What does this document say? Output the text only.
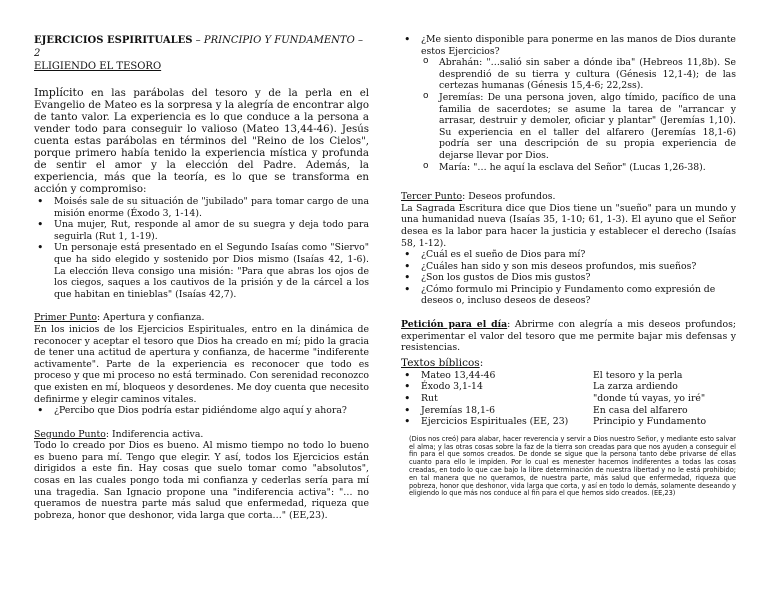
EJERCICIOS ESPIRITUALES – PRINCIPIO Y FUNDAMENTO – 2
ELIGIENDO EL TESORO

Implícito en las parábolas del tesoro y de la perla en el Evangelio de Mateo es la sorpresa y la alegría de encontrar algo de tanto valor. La experiencia es lo que conduce a la persona a vender todo para conseguir lo valioso (Mateo 13,44-46). Jesús cuenta estas parábolas en términos del "Reino de los Cielos", porque primero había tenido la experiencia mística y profunda de sentir el amor y la elección del Padre. Además, la experiencia, más que la teoría, es lo que se transforma en acción y compromiso:

• Moisés sale de su situación de "jubilado" para tomar cargo de una misión enorme (Éxodo 3, 1-14).
• Una mujer, Rut, responde al amor de su suegra y deja todo para seguirla (Rut 1, 1-19).
• Un personaje está presentado en el Segundo Isaías como "Siervo" que ha sido elegido y sostenido por Dios mismo (Isaías 42, 1-6). La elección lleva consigo una misión: "Para que abras los ojos de los ciegos, saques a los cautivos de la prisión y de la cárcel a los que habitan en tinieblas" (Isaías 42,7).

Primer Punto: Apertura y confianza.

En los inicios de los Ejercicios Espirituales, entro en la dinámica de reconocer y aceptar el tesoro que Dios ha creado en mí; pido la gracia de tener una actitud de apertura y confianza, de hacerme "indiferente activamente". Parte de la experiencia es reconocer que todo es proceso y que mi proceso no está terminado. Con serenidad reconozco que existen en mí, bloqueos y desordenes. Me doy cuenta que necesito definirme y elegir caminos vitales.

• ¿Percibo que Dios podría estar pidiéndome algo aquí y ahora?

Segundo Punto: Indiferencia activa.

Todo lo creado por Dios es bueno. Al mismo tiempo no todo lo bueno es bueno para mí. Tengo que elegir. Y así, todos los Ejercicios están dirigidos a este fin. Hay cosas que suelo tomar como "absolutos", cosas en las cuales pongo toda mi confianza y cederlas sería para mí una tragedia. San Ignacio propone una "indiferencia activa": "… no queramos de nuestra parte más salud que enfermedad, riqueza que pobreza, honor que deshonor, vida larga que corta…" (EE,23).

• ¿Me siento disponible para ponerme en las manos de Dios durante estos Ejercicios?
o Abrahán: "…salió sin saber a dónde iba" (Hebreos 11,8b). Se desprendió de su tierra y cultura (Génesis 12,1-4); de las certezas humanas (Génesis 15,4-6; 22,2ss).
o Jeremías: De una persona joven, algo tímido, pacífico de una familia de sacerdotes; se asume la tarea de "arrancar y arrasar, destruir y demoler, oficiar y plantar" (Jeremías 1,10). Su experiencia en el taller del alfarero (Jeremías 18,1-6) podría ser una descripción de su propia experiencia de dejarse llevar por Dios.
o María: "… he aquí la esclava del Señor" (Lucas 1,26-38).

Tercer Punto: Deseos profundos.

La Sagrada Escritura dice que Dios tiene un "sueño" para un mundo y una humanidad nueva (Isaías 35, 1-10; 61, 1-3). El ayuno que el Señor desea es la labor para hacer la justicia y establecer el derecho (Isaías 58, 1-12).

• ¿Cuál es el sueño de Dios para mí?
• ¿Cuáles han sido y son mis deseos profundos, mis sueños?
• ¿Son los gustos de Dios mis gustos?
• ¿Cómo formulo mi Principio y Fundamento como expresión de deseos o, incluso deseos de deseos?

Petición para el día: Abrirme con alegría a mis deseos profundos; experimentar el valor del tesoro que me permite bajar mis defensas y resistencias.

Textos bíblicos:

• Mateo 13,44-46	El tesoro y la perla
• Éxodo 3,1-14	La zarza ardiendo
• Rut	"donde tú vayas, yo iré"
• Jeremías 18,1-6	En casa del alfarero
• Ejercicios Espirituales (EE, 23)	Principio y Fundamento

(Dios nos creó) para alabar, hacer reverencia y servir a Dios nuestro Señor, y mediante esto salvar el alma; y las otras cosas sobre la faz de la tierra son creadas para que nos ayuden a conseguir el fin para el que somos creados. De donde se sigue que la persona tanto debe privarse de ellas cuanto para ello le impiden. Por lo cual es menester hacernos indiferentes a todas las cosas creadas, en todo lo que cae bajo la libre determinación de nuestra libertad y no le está prohibido; en tal manera que no queramos, de nuestra parte, más salud que enfermedad, riqueza que pobreza, honor que deshonor, vida larga que corta, y así en todo lo demás, solamente deseando y eligiendo lo que más nos conduce al fin para el que hemos sido creados. (EE,23)
